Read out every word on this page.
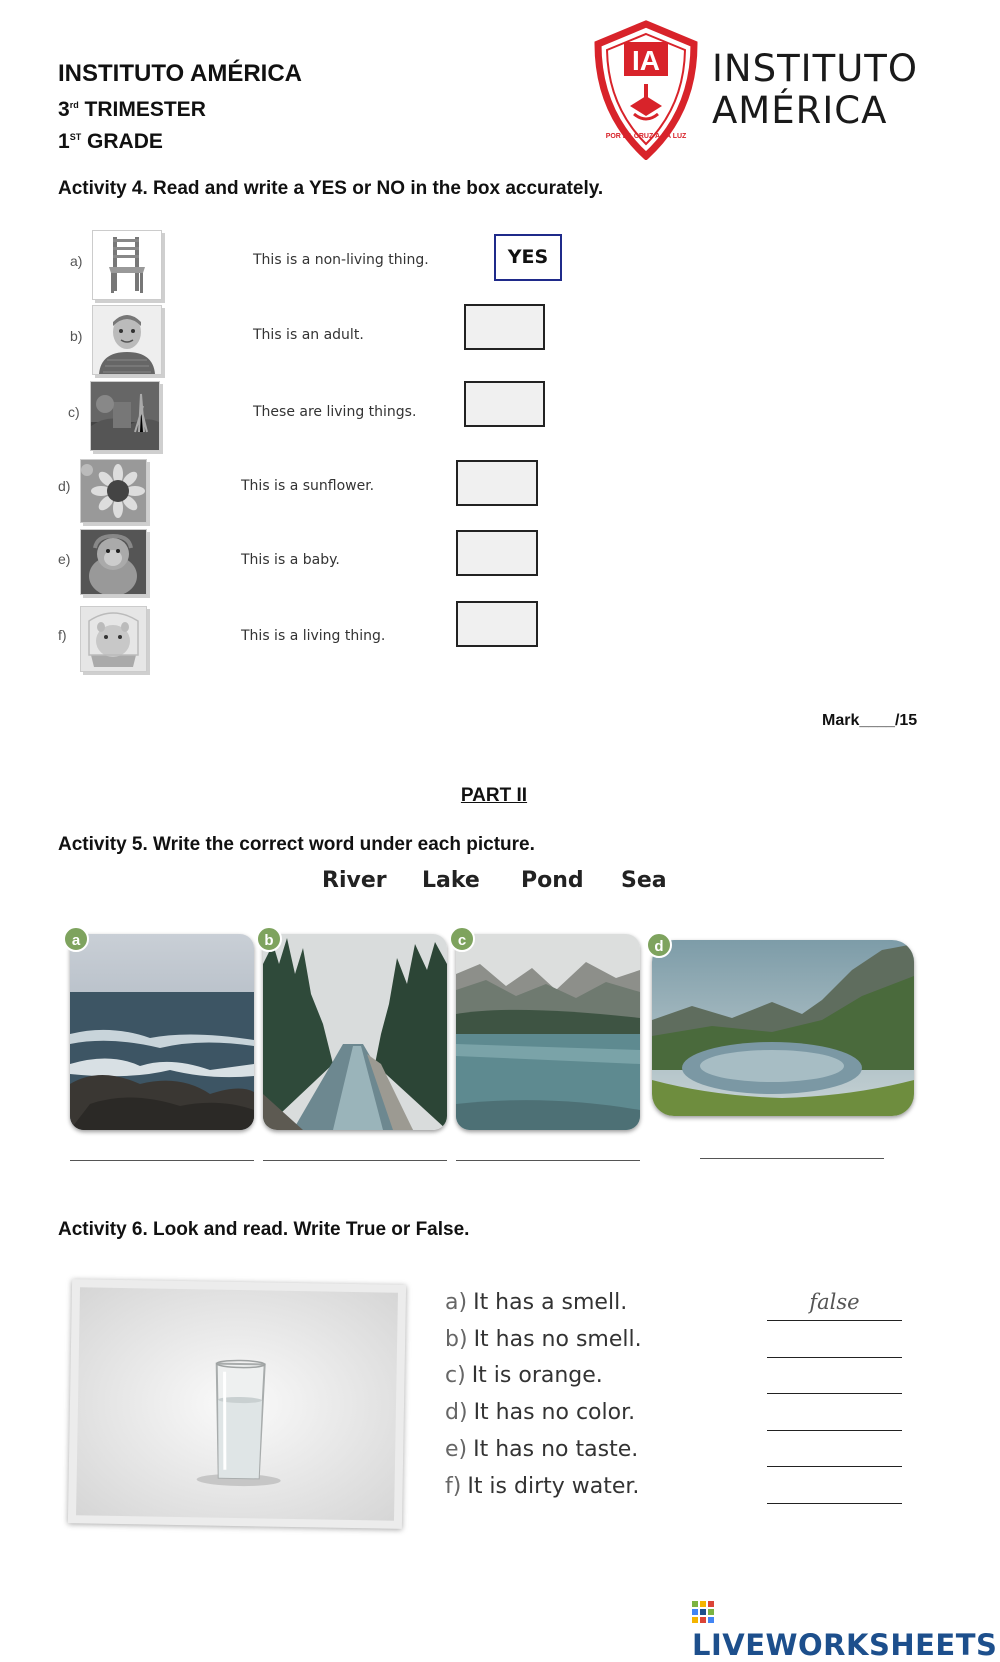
INSTITUTO AMÉRICA
3rd TRIMESTER
1ST GRADE
IA
POR LA CRUZ A LA LUZ
INSTITUTO
AMÉRICA
Activity 4. Read and write a YES or NO in the box accurately.
a)	This is a non-living thing.	YES
b)	This is an adult.
c)	These are living things.
d)	This is a sunflower.
e)	This is a baby.
f)	This is a living thing.
Mark____/15
PART II
Activity 5. Write the correct word under each picture.
River Lake Pond Sea
a	b	c	d
Activity 6. Look and read. Write True or False.
a) It has a smell.	false
b) It has no smell.
c) It is orange.
d) It has no color.
e) It has no taste.
f) It is dirty water.
LIVEWORKSHEETS
